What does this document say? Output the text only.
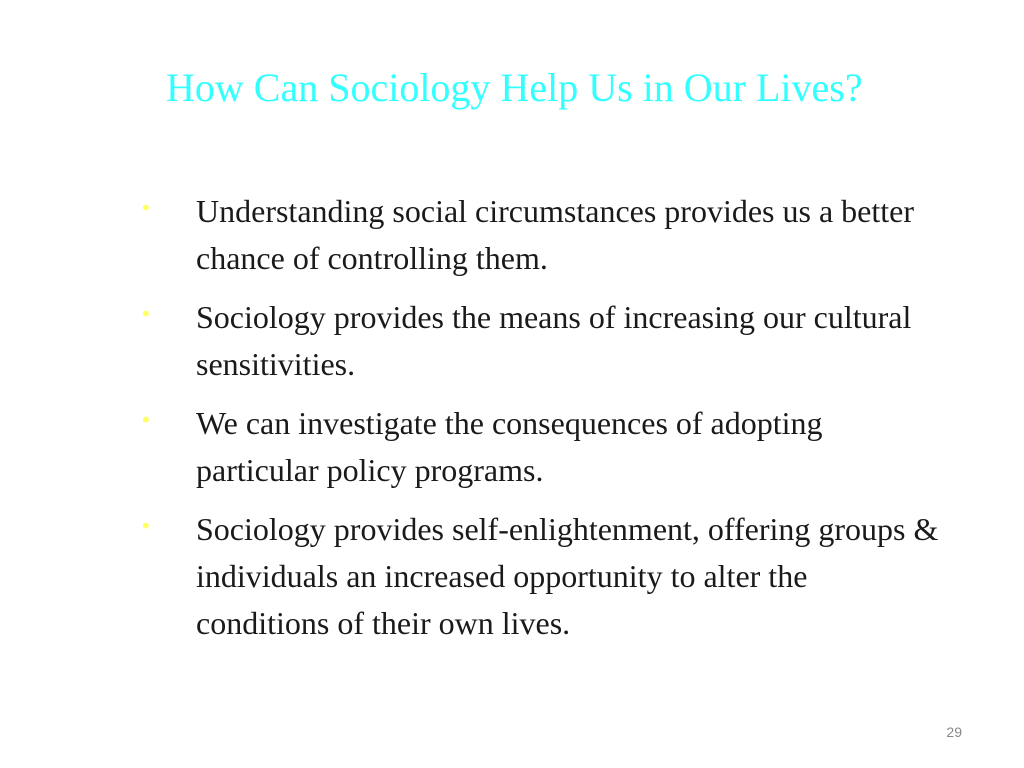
How Can Sociology Help Us in Our Lives?
• Understanding social circumstances provides us a better chance of controlling them.
• Sociology provides the means of increasing our cultural sensitivities.
• We can investigate the consequences of adopting particular policy programs.
• Sociology provides self-enlightenment, offering groups & individuals an increased opportunity to alter the conditions of their own lives.
29
